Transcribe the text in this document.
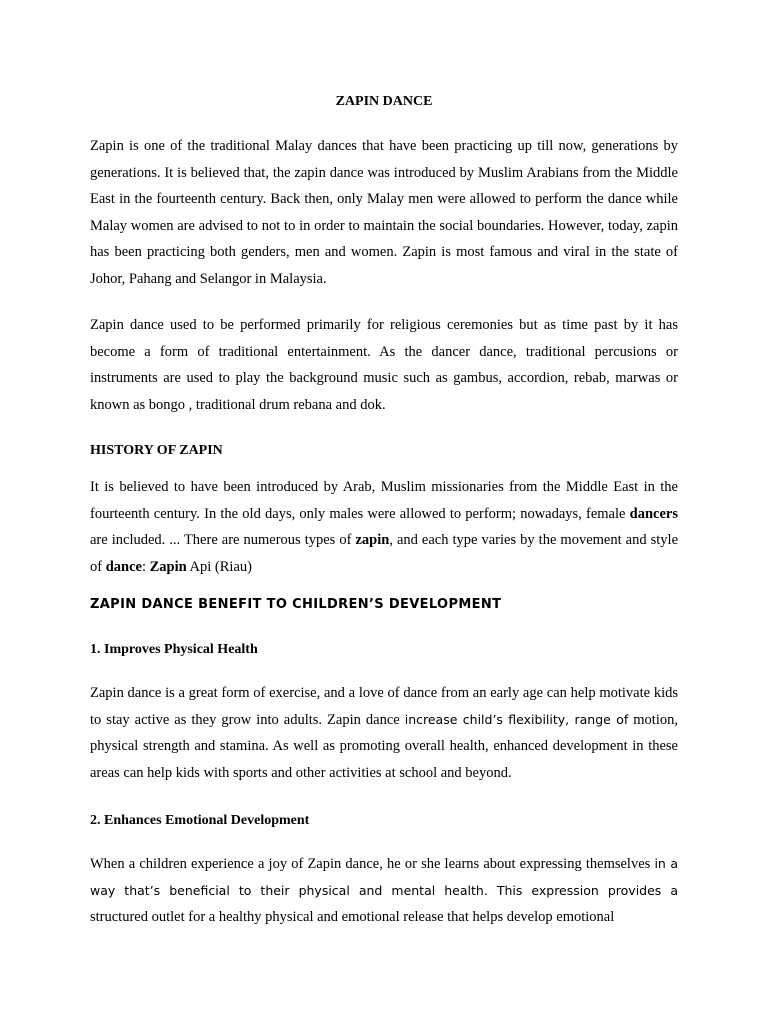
ZAPIN DANCE

Zapin is one of the traditional Malay dances that have been practicing up till now, generations by generations. It is believed that, the zapin dance was introduced by Muslim Arabians from the Middle East in the fourteenth century. Back then, only Malay men were allowed to perform the dance while Malay women are advised to not to in order to maintain the social boundaries. However, today, zapin has been practicing both genders, men and women. Zapin is most famous and viral in the state of Johor, Pahang and Selangor in Malaysia.

Zapin dance used to be performed primarily for religious ceremonies but as time past by it has become a form of traditional entertainment. As the dancer dance, traditional percusions or instruments are used to play the background music such as gambus, accordion, rebab, marwas or known as bongo , traditional drum rebana and dok.

HISTORY OF ZAPIN

It is believed to have been introduced by Arab, Muslim missionaries from the Middle East in the fourteenth century. In the old days, only males were allowed to perform; nowadays, female dancers are included. ... There are numerous types of zapin, and each type varies by the movement and style of dance: Zapin Api (Riau)

ZAPIN DANCE BENEFIT TO CHILDREN’S DEVELOPMENT
1. Improves Physical Health

Zapin dance is a great form of exercise, and a love of dance from an early age can help motivate kids to stay active as they grow into adults. Zapin dance increase child’s flexibility, range of motion, physical strength and stamina. As well as promoting overall health, enhanced development in these areas can help kids with sports and other activities at school and beyond.

2. Enhances Emotional Development

When a children experience a joy of Zapin dance, he or she learns about expressing themselves in a way that’s beneficial to their physical and mental health. This expression provides a structured outlet for a healthy physical and emotional release that helps develop emotional
